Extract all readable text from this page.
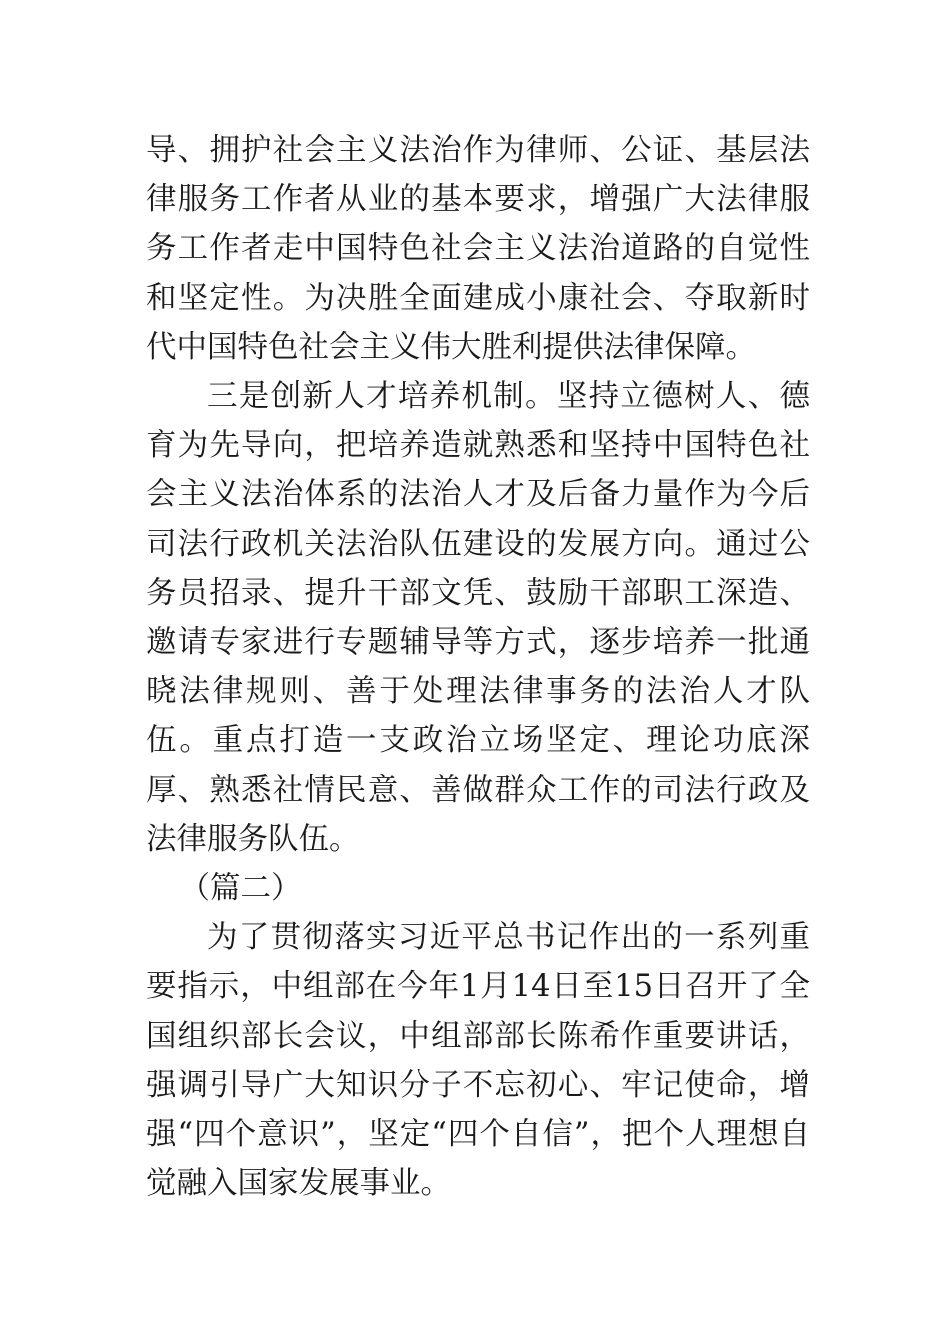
导、拥护社会主义法治作为律师、公证、基层法律服务工作者从业的基本要求，增强广大法律服务工作者走中国特色社会主义法治道路的自觉性和坚定性。为决胜全面建成小康社会、夺取新时代中国特色社会主义伟大胜利提供法律保障。

三是创新人才培养机制。坚持立德树人、德育为先导向，把培养造就熟悉和坚持中国特色社会主义法治体系的法治人才及后备力量作为今后司法行政机关法治队伍建设的发展方向。通过公务员招录、提升干部文凭、鼓励干部职工深造、邀请专家进行专题辅导等方式，逐步培养一批通晓法律规则、善于处理法律事务的法治人才队伍。重点打造一支政治立场坚定、理论功底深厚、熟悉社情民意、善做群众工作的司法行政及法律服务队伍。

（篇二）

为了贯彻落实习近平总书记作出的一系列重要指示，中组部在今年1月14日至15日召开了全国组织部长会议，中组部部长陈希作重要讲话，强调引导广大知识分子不忘初心、牢记使命，增强“四个意识”，坚定“四个自信”，把个人理想自觉融入国家发展事业。
